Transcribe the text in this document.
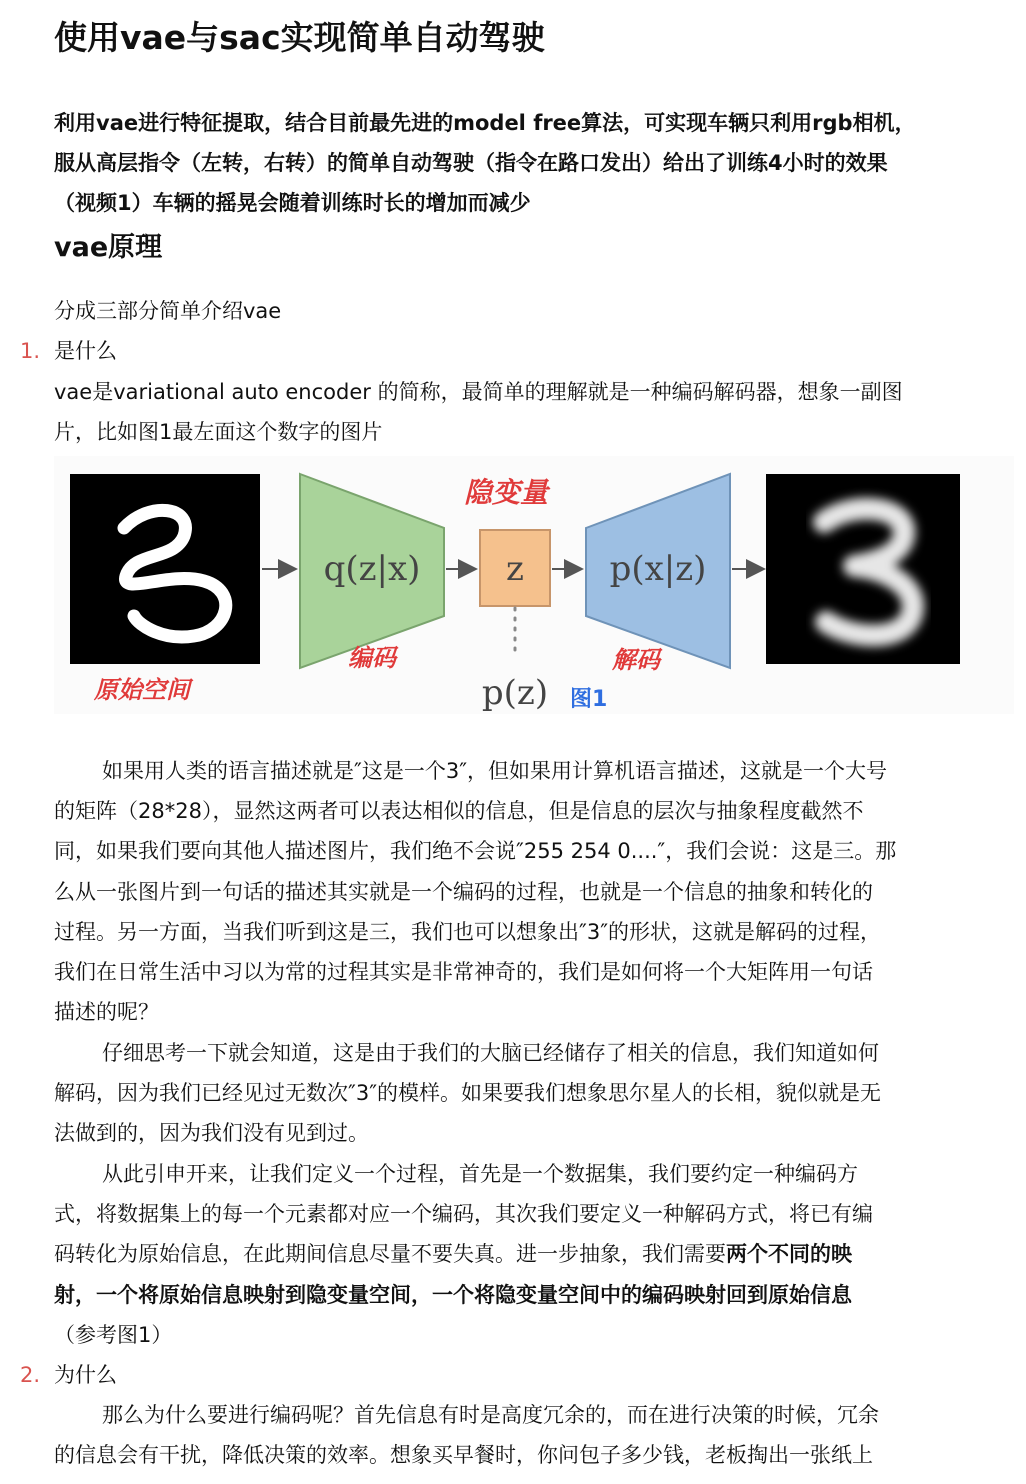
使用vae与sac实现简单自动驾驶
利用vae进行特征提取，结合目前最先进的model free算法，可实现车辆只利用rgb相机，
服从高层指令（左转，右转）的简单自动驾驶（指令在路口发出）给出了训练4小时的效果
（视频1）车辆的摇晃会随着训练时长的增加而减少
vae原理
分成三部分简单介绍vae
1. 是什么
vae是variational auto encoder 的简称，最简单的理解就是一种编码解码器，想象一副图
片，比如图1最左面这个数字的图片
q(z|x)	z
p(z)
p(x|z)
隐变量
编码	解码
原始空间	图1
如果用人类的语言描述就是″这是一个3″，但如果用计算机语言描述，这就是一个大号
的矩阵（28*28），显然这两者可以表达相似的信息，但是信息的层次与抽象程度截然不
同，如果我们要向其他人描述图片，我们绝不会说″255 254 0....″，我们会说：这是三。那
么从一张图片到一句话的描述其实就是一个编码的过程，也就是一个信息的抽象和转化的
过程。另一方面，当我们听到这是三，我们也可以想象出″3″的形状，这就是解码的过程，
我们在日常生活中习以为常的过程其实是非常神奇的，我们是如何将一个大矩阵用一句话
描述的呢？
仔细思考一下就会知道，这是由于我们的大脑已经储存了相关的信息，我们知道如何
解码，因为我们已经见过无数次″3″的模样。如果要我们想象思尔星人的长相，貌似就是无
法做到的，因为我们没有见到过。
从此引申开来，让我们定义一个过程，首先是一个数据集，我们要约定一种编码方
式，将数据集上的每一个元素都对应一个编码，其次我们要定义一种解码方式，将已有编
码转化为原始信息，在此期间信息尽量不要失真。进一步抽象，我们需要两个不同的映
射，一个将原始信息映射到隐变量空间，一个将隐变量空间中的编码映射回到原始信息
（参考图1）
2. 为什么
那么为什么要进行编码呢？首先信息有时是高度冗余的，而在进行决策的时候，冗余
的信息会有干扰，降低决策的效率。想象买早餐时，你问包子多少钱，老板掏出一张纸上
